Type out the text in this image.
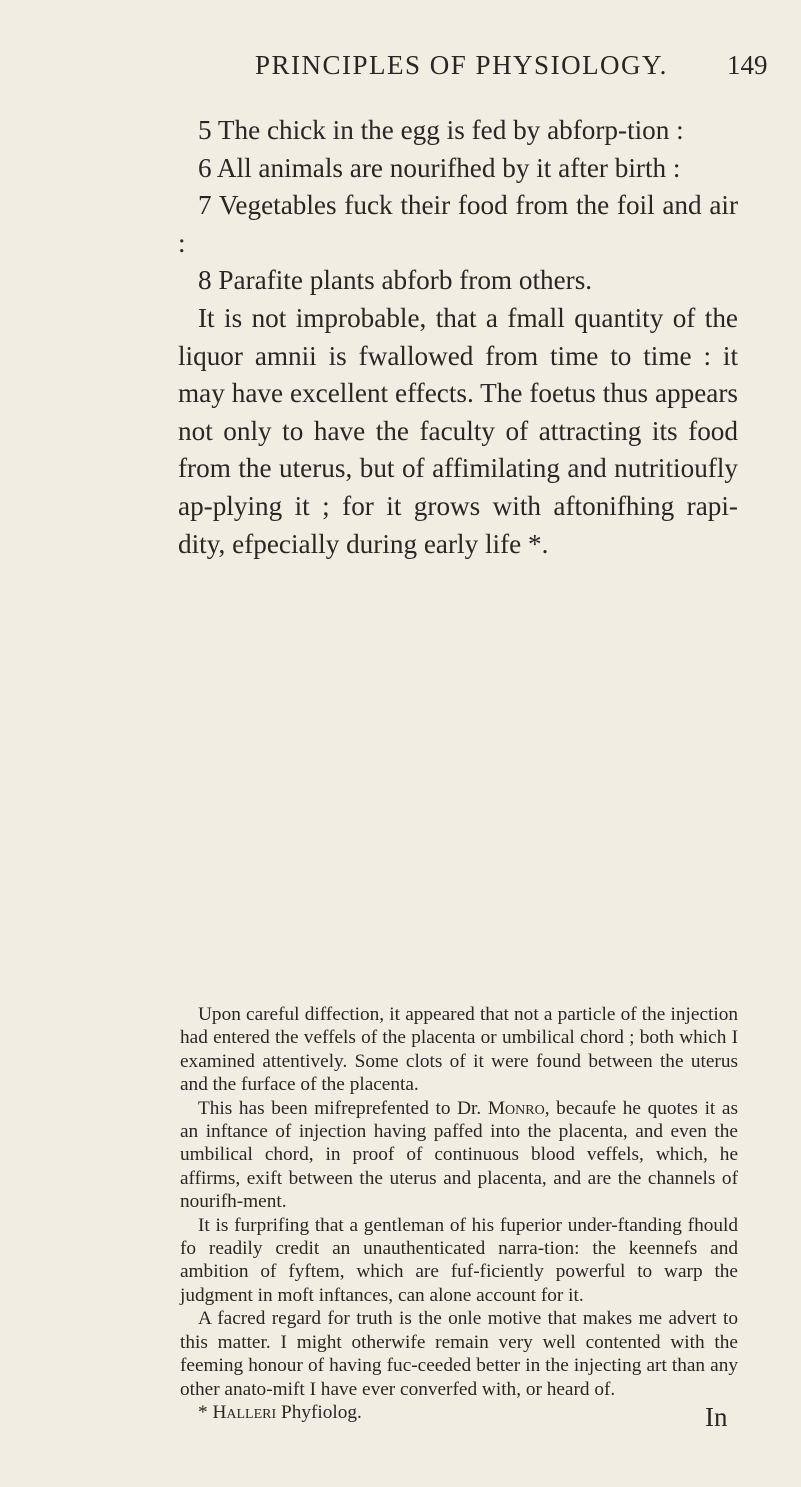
PRINCIPLES OF PHYSIOLOGY. 149

5 The chick in the egg is fed by abforp-tion :

6 All animals are nourifhed by it after birth :

7 Vegetables fuck their food from the foil and air :

8 Parafite plants abforb from others.

It is not improbable, that a fmall quantity of the liquor amnii is fwallowed from time to time : it may have excellent effects. The foetus thus appears not only to have the faculty of attracting its food from the uterus, but of affimilating and nutritioufly ap-plying it ; for it grows with aftonifhing rapi-dity, efpecially during early life *.

Upon careful diffection, it appeared that not a particle of the injection had entered the veffels of the placenta or umbilical chord ; both which I examined attentively. Some clots of it were found between the uterus and the furface of the placenta.

This has been mifreprefented to Dr. Monro, becaufe he quotes it as an inftance of injection having paffed into the placenta, and even the umbilical chord, in proof of continuous blood veffels, which, he affirms, exift between the uterus and placenta, and are the channels of nourifh-ment.

It is furprifing that a gentleman of his fuperior under-ftanding fhould fo readily credit an unauthenticated narra-tion: the keennefs and ambition of fyftem, which are fuf-ficiently powerful to warp the judgment in moft inftances, can alone account for it.

A facred regard for truth is the onle motive that makes me advert to this matter. I might otherwife remain very well contented with the feeming honour of having fuc-ceeded better in the injecting art than any other anato-mift I have ever converfed with, or heard of.

* Halleri Phyfiolog.	In
